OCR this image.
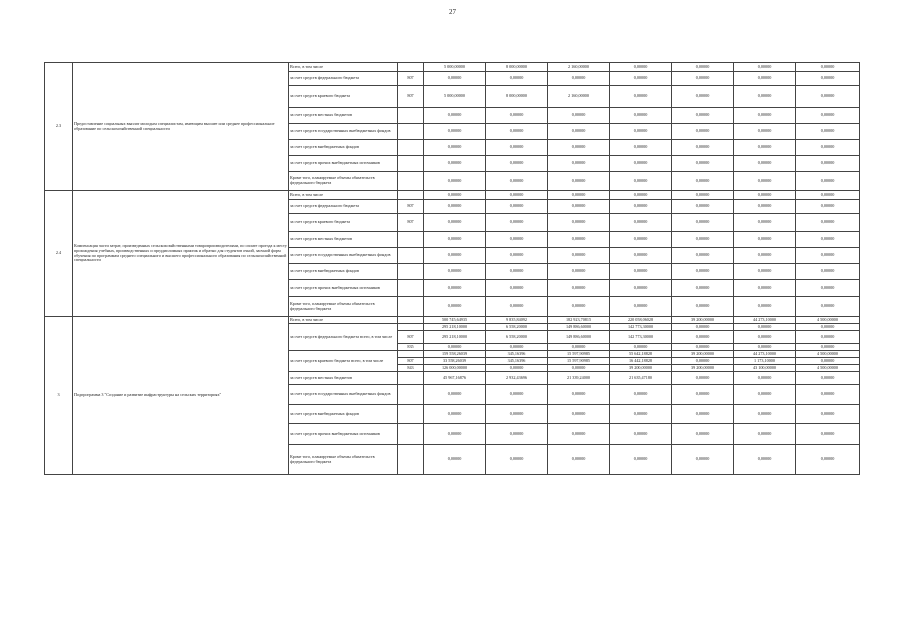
27
2.3	Предоставление социальных выплат молодым специалистам, имеющим высшее или среднее профессиональное образование по сельскохозяйственной специальности	Всего, в том числе		5 000,00000	8 000,00000	2 160,00000	0,00000	0,00000	0,00000	0,00000
		за счет средств федерального бюджета	807	0,00000	0,00000	0,00000	0,00000	0,00000	0,00000	0,00000
		за счет средств краевого бюджета	807	5 000,00000	8 000,00000	2 160,00000	0,00000	0,00000	0,00000	0,00000
		за счет средств местных бюджетов		0,00000	0,00000	0,00000	0,00000	0,00000	0,00000	0,00000
		за счет средств государственных внебюджетных фондов		0,00000	0,00000	0,00000	0,00000	0,00000	0,00000	0,00000
		за счет средств внебюджетных фондов		0,00000	0,00000	0,00000	0,00000	0,00000	0,00000	0,00000
		за счет средств прочих внебюджетных источников		0,00000	0,00000	0,00000	0,00000	0,00000	0,00000	0,00000
		Кроме того, планируемые объемы обязательств федерального бюджета		0,00000	0,00000	0,00000	0,00000	0,00000	0,00000	0,00000
2.4	Компенсация части затрат, произведенных сельскохозяйственными товаропроизводителями, по оплате проезда к месту прохождения учебных, производственных и преддипломных практик и обратно для студентов очной, заочной форм обучения по программам среднего специального и высшего профессионального образования по сельскохозяйственной специальности	Всего, в том числе		0,00000	0,00000	0,00000	0,00000	0,00000	0,00000	0,00000
		за счет средств федерального бюджета	807	0,00000	0,00000	0,00000	0,00000	0,00000	0,00000	0,00000
		за счет средств краевого бюджета	807	0,00000	0,00000	0,00000	0,00000	0,00000	0,00000	0,00000
		за счет средств местных бюджетов		0,00000	0,00000	0,00000	0,00000	0,00000	0,00000	0,00000
		за счет средств государственных внебюджетных фондов		0,00000	0,00000	0,00000	0,00000	0,00000	0,00000	0,00000
		за счет средств внебюджетных фондов		0,00000	0,00000	0,00000	0,00000	0,00000	0,00000	0,00000
		за счет средств прочих внебюджетных источников		0,00000	0,00000	0,00000	0,00000	0,00000	0,00000	0,00000
		Кроме того, планируемые объемы обязательств федерального бюджета		0,00000	0,00000	0,00000	0,00000	0,00000	0,00000	0,00000
3	Подпрограмма 3 "Создание и развитие инфраструктуры на сельских территориях"	Всего, в том числе		500 745,64935	9 835,84092	182 923,70815	220 058,06028	39 200,00000	44 273,10000	4 500,00000
		за счет средств федерального бюджета всего, в том числе		295 218,10000	6 558,20000	149 886,60000	142 773,30000	0,00000	0,00000	0,00000
			807	295 218,10000	6 558,20000	149 886,60000	142 773,30000	0,00000	0,00000	0,00000
			835	0,00000	0,00000	0,00000	0,00000	0,00000	0,00000	0,00000
		за счет средств краевого бюджета всего, в том числе		159 558,26039	345,16396	15 597,90985	55 642,18828	39 200,00000	44 273,10000	4 500,00000
			807	33 558,26039	345,16396	15 597,90985	16 442,18828	0,00000	1 173,10000	0,00000
			843	126 000,00000	0,00000	0,00000	39 200,00000	39 200,00000	43 100,00000	4 500,00000
		за счет средств местных бюджетов		45 967,16876	2 932,43696	21 339,24000	21 635,47180	0,00000	0,00000	0,00000
		за счет средств государственных внебюджетных фондов		0,00000	0,00000	0,00000	0,00000	0,00000	0,00000	0,00000
		за счет средств внебюджетных фондов		0,00000	0,00000	0,00000	0,00000	0,00000	0,00000	0,00000
		за счет средств прочих внебюджетных источников		0,00000	0,00000	0,00000	0,00000	0,00000	0,00000	0,00000
		Кроме того, планируемые объемы обязательств федерального бюджета		0,00000	0,00000	0,00000	0,00000	0,00000	0,00000	0,00000
